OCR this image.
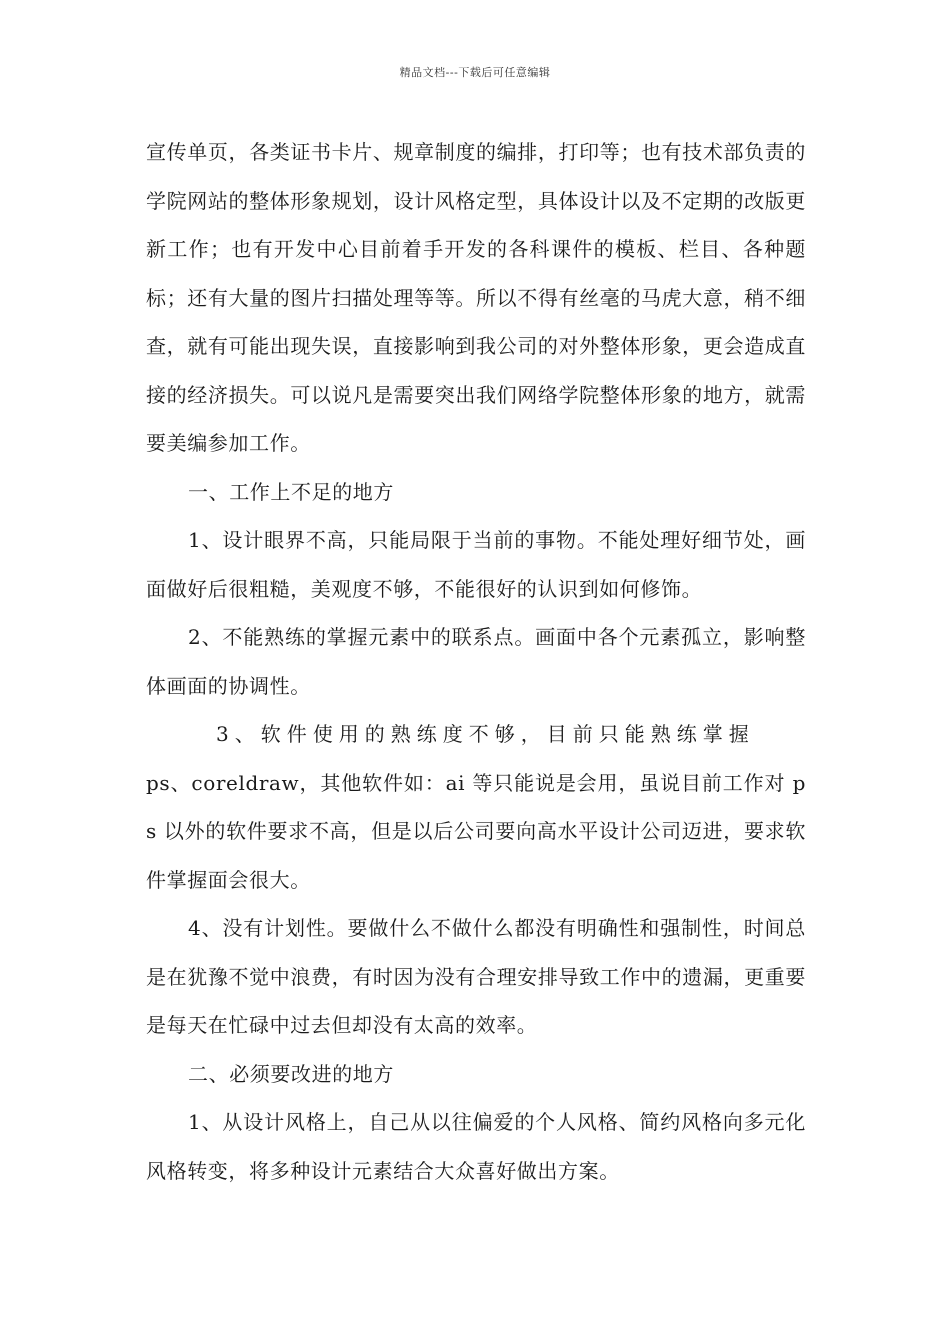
精品文档---下载后可任意编辑

宣传单页，各类证书卡片、规章制度的编排，打印等；也有技术部负责的学院网站的整体形象规划，设计风格定型，具体设计以及不定期的改版更新工作；也有开发中心目前着手开发的各科课件的模板、栏目、各种题标；还有大量的图片扫描处理等等。所以不得有丝毫的马虎大意，稍不细查，就有可能出现失误，直接影响到我公司的对外整体形象，更会造成直接的经济损失。可以说凡是需要突出我们网络学院整体形象的地方，就需要美编参加工作。

一、工作上不足的地方

1、设计眼界不高，只能局限于当前的事物。不能处理好细节处，画面做好后很粗糙，美观度不够，不能很好的认识到如何修饰。

2、不能熟练的掌握元素中的联系点。画面中各个元素孤立，影响整体画面的协调性。

3、软件使用的熟练度不够，目前只能熟练掌握

ps、coreldraw，其他软件如：ai 等只能说是会用，虽说目前工作对 ps 以外的软件要求不高，但是以后公司要向高水平设计公司迈进，要求软件掌握面会很大。

4、没有计划性。要做什么不做什么都没有明确性和强制性，时间总是在犹豫不觉中浪费，有时因为没有合理安排导致工作中的遗漏，更重要是每天在忙碌中过去但却没有太高的效率。

二、必须要改进的地方

1、从设计风格上，自己从以往偏爱的个人风格、简约风格向多元化风格转变，将多种设计元素结合大众喜好做出方案。
